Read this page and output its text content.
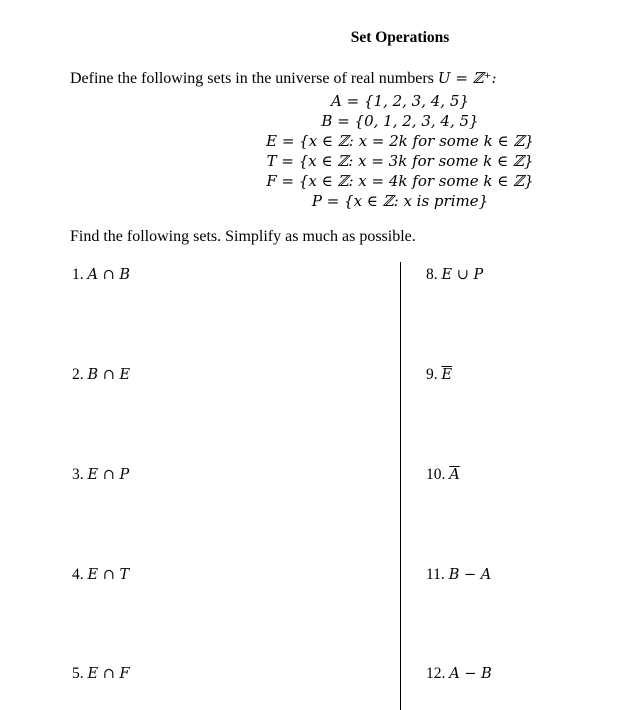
Set Operations
Define the following sets in the universe of real numbers U = ℤ⁺:
A = {1, 2, 3, 4, 5}
B = {0, 1, 2, 3, 4, 5}
E = {x ∈ ℤ: x = 2k for some k ∈ ℤ}
T = {x ∈ ℤ: x = 3k for some k ∈ ℤ}
F = {x ∈ ℤ: x = 4k for some k ∈ ℤ}
P = {x ∈ ℤ: x is prime}
Find the following sets. Simplify as much as possible.
1. A ∩ B
2. B ∩ E
3. E ∩ P
4. E ∩ T
5. E ∩ F
8. E ∪ P
9. $\overline{E}$
10. $\overline{A}$
11. B − A
12. A − B
